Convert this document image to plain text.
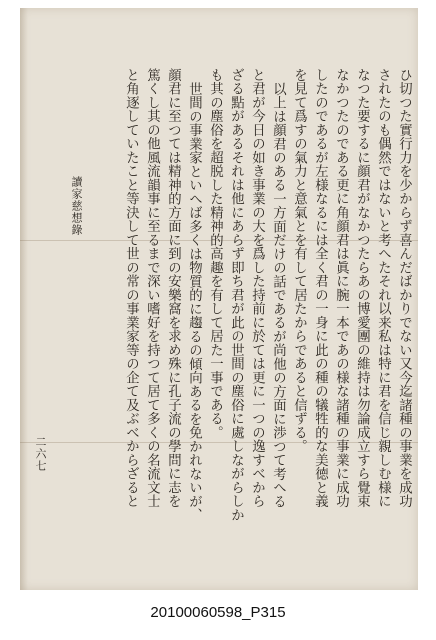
讀家慈想錄
二六七	ひ切つた實行力を少からず喜んだばかりでない又今迄諸種の事業を成功
されたのも偶然ではないと考へたそれ以来私は特に君を信じ親しむ様に
なつた要するに顔君がなかつたらあの博愛團の維持は勿論成立すら覺束
なかつたのである更に角顔君は眞に腕一本であの様な諸種の事業に成功
したのであるが左様なるには全く君の一身に此の種の犠牲的な美徳と義
を見て爲すの氣力と意氣とを有して居たからであると信ずる。
以上は顔君のある一方面だけの話であるが尚他の方面に渉つて考へる
と君が今日の如き事業の大を爲した持前に於ては更に一つの逸すべから
ざる點があるそれは他にあらず即ち君が此の世間の塵俗に處しながらしか
も其の塵俗を超脱した精神的高趣を有して居た一事である。
世間の事業家といへば多くは物質的に趨るの傾向あるを免かれないが、
顔君に至つては精神的方面に到の安樂窩を求め殊に孔子流の學問に志を
篤くし其の他風流韻事に至るまで深い嗜好を持つて居て多くの名流文士
と角逐していたこと等決して世の常の事業家等の企て及ぶべからざると
20100060598_P315
